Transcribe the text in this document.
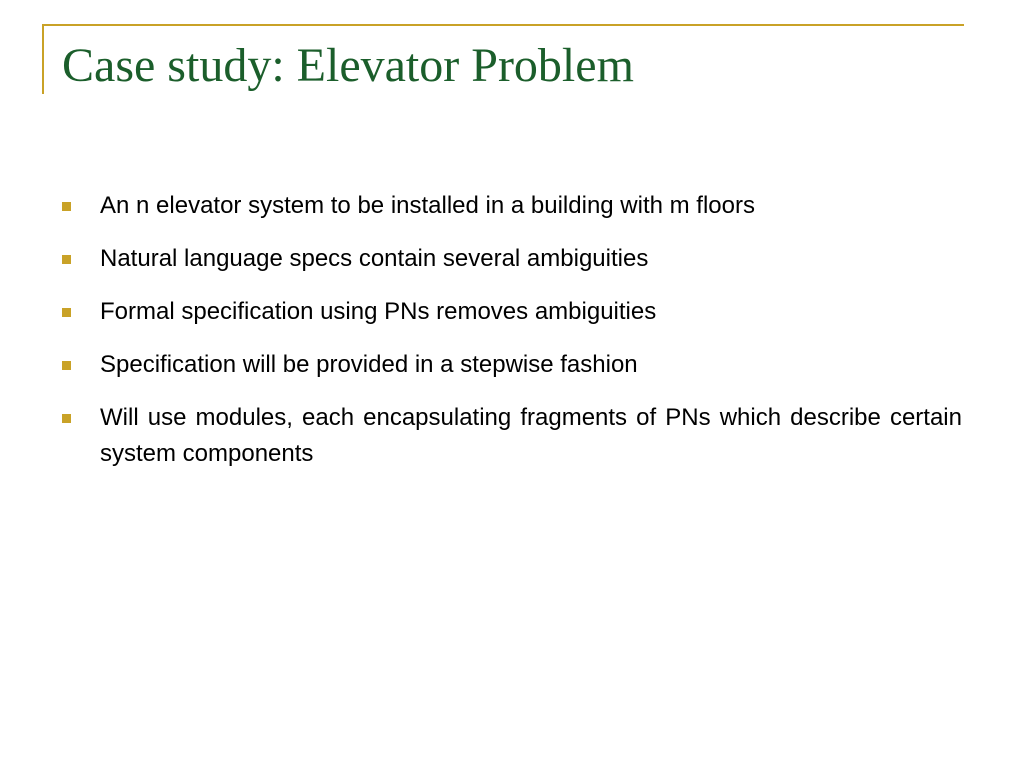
Case study: Elevator Problem
An n elevator system to be installed in a building with m floors
Natural language specs contain several ambiguities
Formal specification using PNs removes ambiguities
Specification will be provided in a stepwise fashion
Will use modules, each encapsulating fragments of PNs which describe certain system components
